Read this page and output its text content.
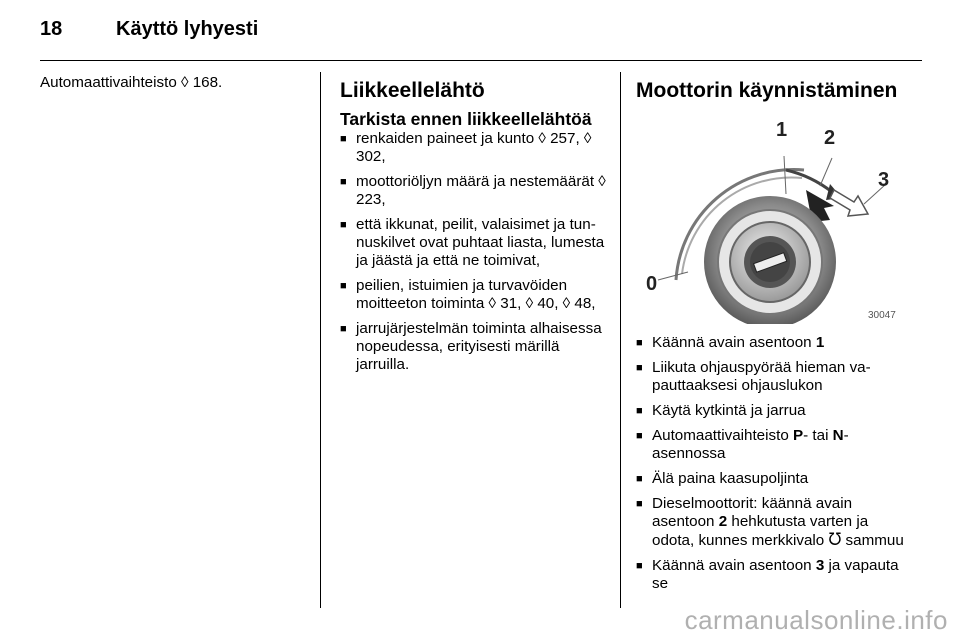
18	Käyttö lyhyesti
Automaattivaihteisto ◊ 168.	Liikkeellelähtö
Tarkista ennen liikkeellelähtöä
■ renkaiden paineet ja kunto ◊ 257, ◊ 302,
■ moottoriöljyn määrä ja nestemäärät ◊ 223,
■ että ikkunat, peilit, valaisimet ja tunnuskilvet ovat puhtaat liasta, lumesta ja jäästä ja että ne toimivat,
■ peilien, istuimien ja turvavöiden moitteeton toiminta ◊ 31, ◊ 40, ◊ 48,
■ jarrujärjestelmän toiminta alhaisessa nopeudessa, erityisesti märillä jarruilla.
Moottorin käynnistäminen
0
1 2
3
30047
■ Käännä avain asentoon 1
■ Liikuta ohjauspyörää hieman vapauttaaksesi ohjauslukon
■ Käytä kytkintä ja jarrua
■ Automaattivaihteisto P- tai N-asennossa
■ Älä paina kaasupoljinta
■ Dieselmoottorit: käännä avain asentoon 2 hehkutusta varten ja odota, kunnes merkkivalo ᘮ sammuu
■ Käännä avain asentoon 3 ja vapauta se
carmanualsonline.info
